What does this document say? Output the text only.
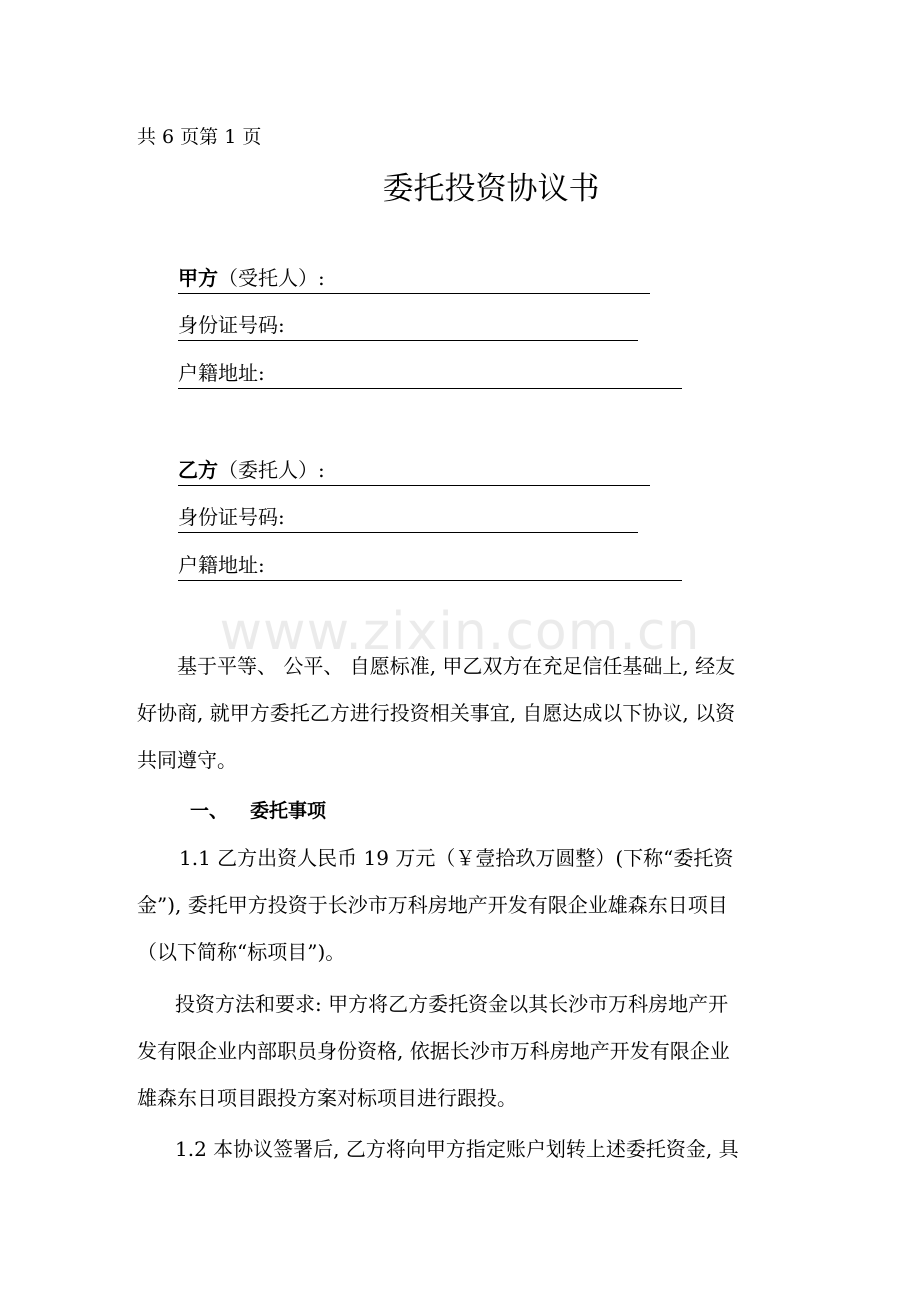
共 6 页第 1 页
委托投资协议书
甲方（受托人）:
身份证号码:
户籍地址:
乙方（委托人）:
身份证号码:
户籍地址:
www.zixin.com.cn

基于平等、 公平、 自愿标准, 甲乙双方在充足信任基础上, 经友
好协商, 就甲方委托乙方进行投资相关事宜, 自愿达成以下协议, 以资
共同遵守。

一、 委托事项

1.1 乙方出资人民币 19 万元（￥壹拾玖万圆整）(下称“委托资
金”), 委托甲方投资于长沙市万科房地产开发有限企业雄森东日项目
（以下简称“标项目”)。

投资方法和要求: 甲方将乙方委托资金以其长沙市万科房地产开
发有限企业内部职员身份资格, 依据长沙市万科房地产开发有限企业
雄森东日项目跟投方案对标项目进行跟投。

1.2 本协议签署后, 乙方将向甲方指定账户划转上述委托资金, 具
